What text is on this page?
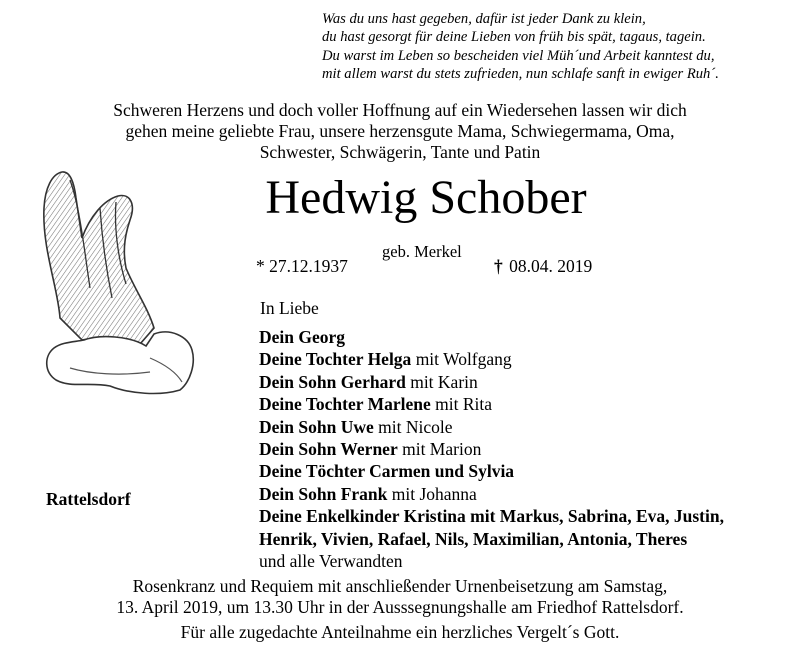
Was du uns hast gegeben, dafür ist jeder Dank zu klein,
du hast gesorgt für deine Lieben von früh bis spät, tagaus, tagein.
Du warst im Leben so bescheiden viel Müh´und Arbeit kanntest du,
mit allem warst du stets zufrieden, nun schlafe sanft in ewiger Ruh´.
Schweren Herzens und doch voller Hoffnung auf ein Wiedersehen lassen wir dich
gehen meine geliebte Frau, unsere herzensgute Mama, Schwiegermama, Oma,
Schwester, Schwägerin, Tante und Patin
Hedwig Schober
geb. Merkel
* 27.12.1937	† 08.04. 2019
In Liebe
Dein Georg
Deine Tochter Helga mit Wolfgang
Dein Sohn Gerhard mit Karin
Deine Tochter Marlene mit Rita
Dein Sohn Uwe mit Nicole
Dein Sohn Werner mit Marion
Deine Töchter Carmen und Sylvia
Dein Sohn Frank mit Johanna
Deine Enkelkinder Kristina mit Markus, Sabrina, Eva, Justin,
Henrik, Vivien, Rafael, Nils, Maximilian, Antonia, Theres
und alle Verwandten
Rattelsdorf
Rosenkranz und Requiem mit anschließender Urnenbeisetzung am Samstag,
13. April 2019, um 13.30 Uhr in der Ausssegnungshalle am Friedhof Rattelsdorf.
Für alle zugedachte Anteilnahme ein herzliches Vergelt´s Gott.
